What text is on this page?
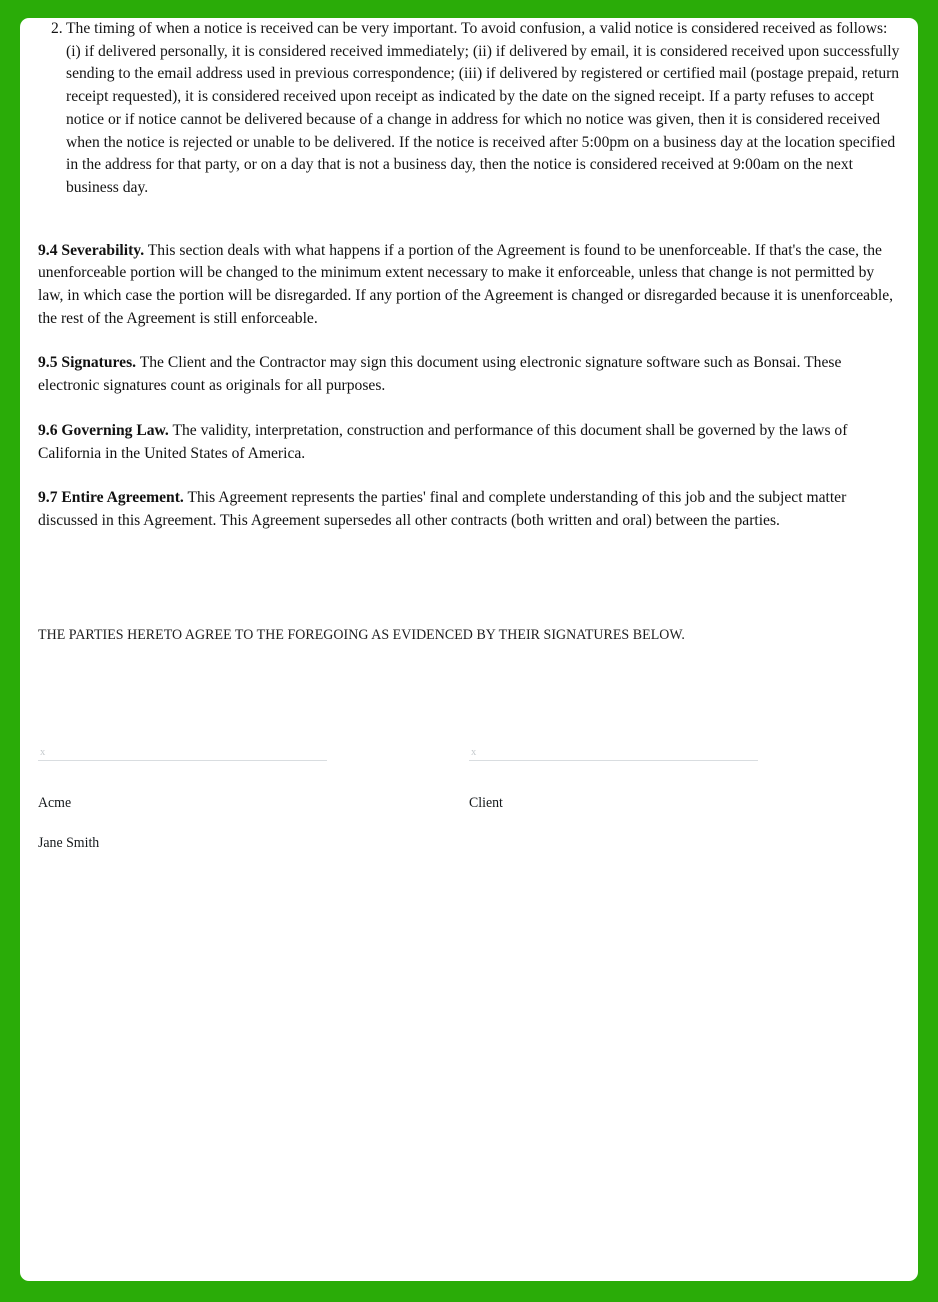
2. The timing of when a notice is received can be very important. To avoid confusion, a valid notice is considered received as follows: (i) if delivered personally, it is considered received immediately; (ii) if delivered by email, it is considered received upon successfully sending to the email address used in previous correspondence; (iii) if delivered by registered or certified mail (postage prepaid, return receipt requested), it is considered received upon receipt as indicated by the date on the signed receipt. If a party refuses to accept notice or if notice cannot be delivered because of a change in address for which no notice was given, then it is considered received when the notice is rejected or unable to be delivered. If the notice is received after 5:00pm on a business day at the location specified in the address for that party, or on a day that is not a business day, then the notice is considered received at 9:00am on the next business day.

9.4 Severability. This section deals with what happens if a portion of the Agreement is found to be unenforceable. If that's the case, the unenforceable portion will be changed to the minimum extent necessary to make it enforceable, unless that change is not permitted by law, in which case the portion will be disregarded. If any portion of the Agreement is changed or disregarded because it is unenforceable, the rest of the Agreement is still enforceable.

9.5 Signatures. The Client and the Contractor may sign this document using electronic signature software such as Bonsai. These electronic signatures count as originals for all purposes.

9.6 Governing Law. The validity, interpretation, construction and performance of this document shall be governed by the laws of California in the United States of America.

9.7 Entire Agreement. This Agreement represents the parties' final and complete understanding of this job and the subject matter discussed in this Agreement. This Agreement supersedes all other contracts (both written and oral) between the parties.

THE PARTIES HERETO AGREE TO THE FOREGOING AS EVIDENCED BY THEIR SIGNATURES BELOW.
x
Acme
Jane Smith
x
Client
